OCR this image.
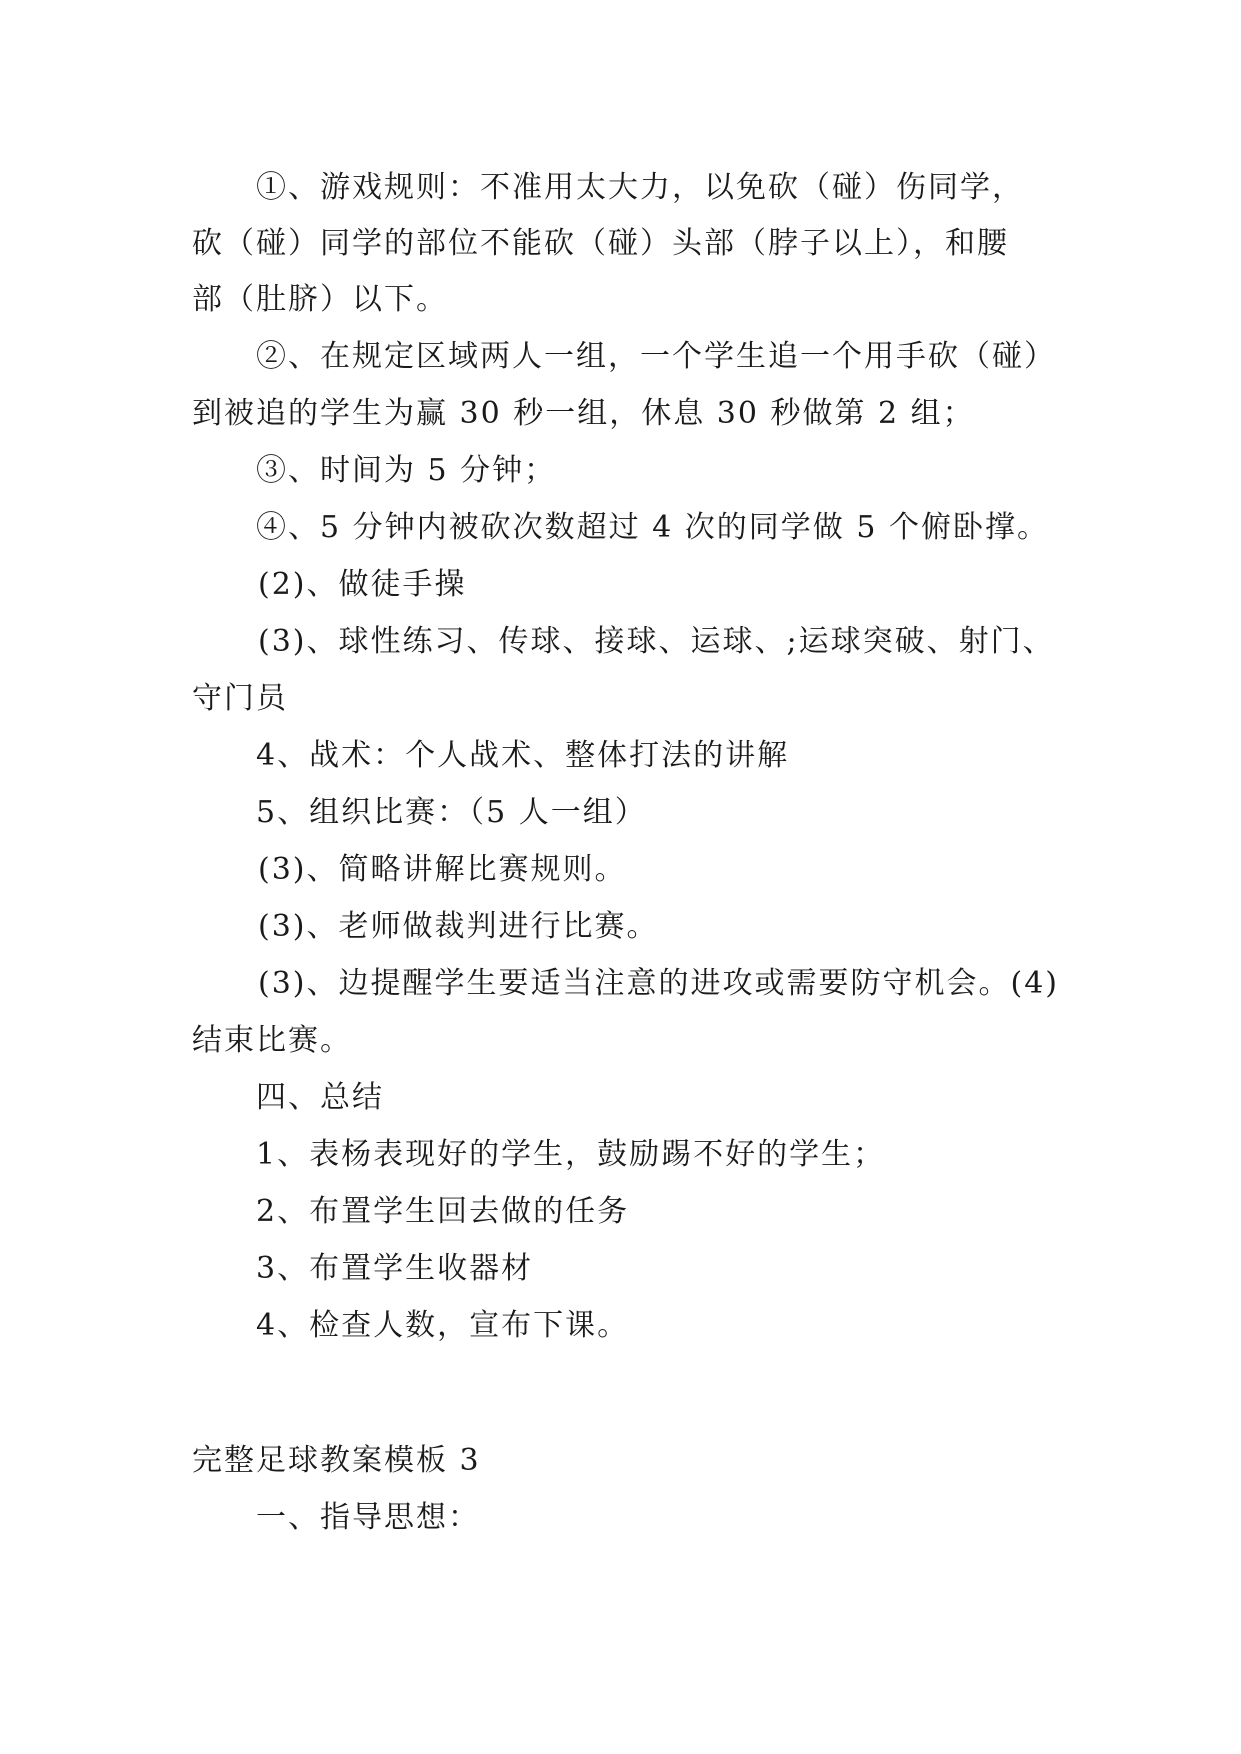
①、游戏规则：不准用太大力，以免砍（碰）伤同学，
砍（碰）同学的部位不能砍（碰）头部（脖子以上），和腰
部（肚脐）以下。
②、在规定区域两人一组，一个学生追一个用手砍（碰）
到被追的学生为赢 30 秒一组，休息 30 秒做第 2 组；
③、时间为 5 分钟；
④、5 分钟内被砍次数超过 4 次的同学做 5 个俯卧撑。
(2)、做徒手操
(3)、球性练习、传球、接球、运球、;运球突破、射门、
守门员
4、战术：个人战术、整体打法的讲解
5、组织比赛：（5 人一组）
(3)、简略讲解比赛规则。
(3)、老师做裁判进行比赛。
(3)、边提醒学生要适当注意的进攻或需要防守机会。(4)
结束比赛。
四、总结
1、表杨表现好的学生，鼓励踢不好的学生；
2、布置学生回去做的任务
3、布置学生收器材
4、检查人数，宣布下课。
完整足球教案模板 3
一、指导思想：
